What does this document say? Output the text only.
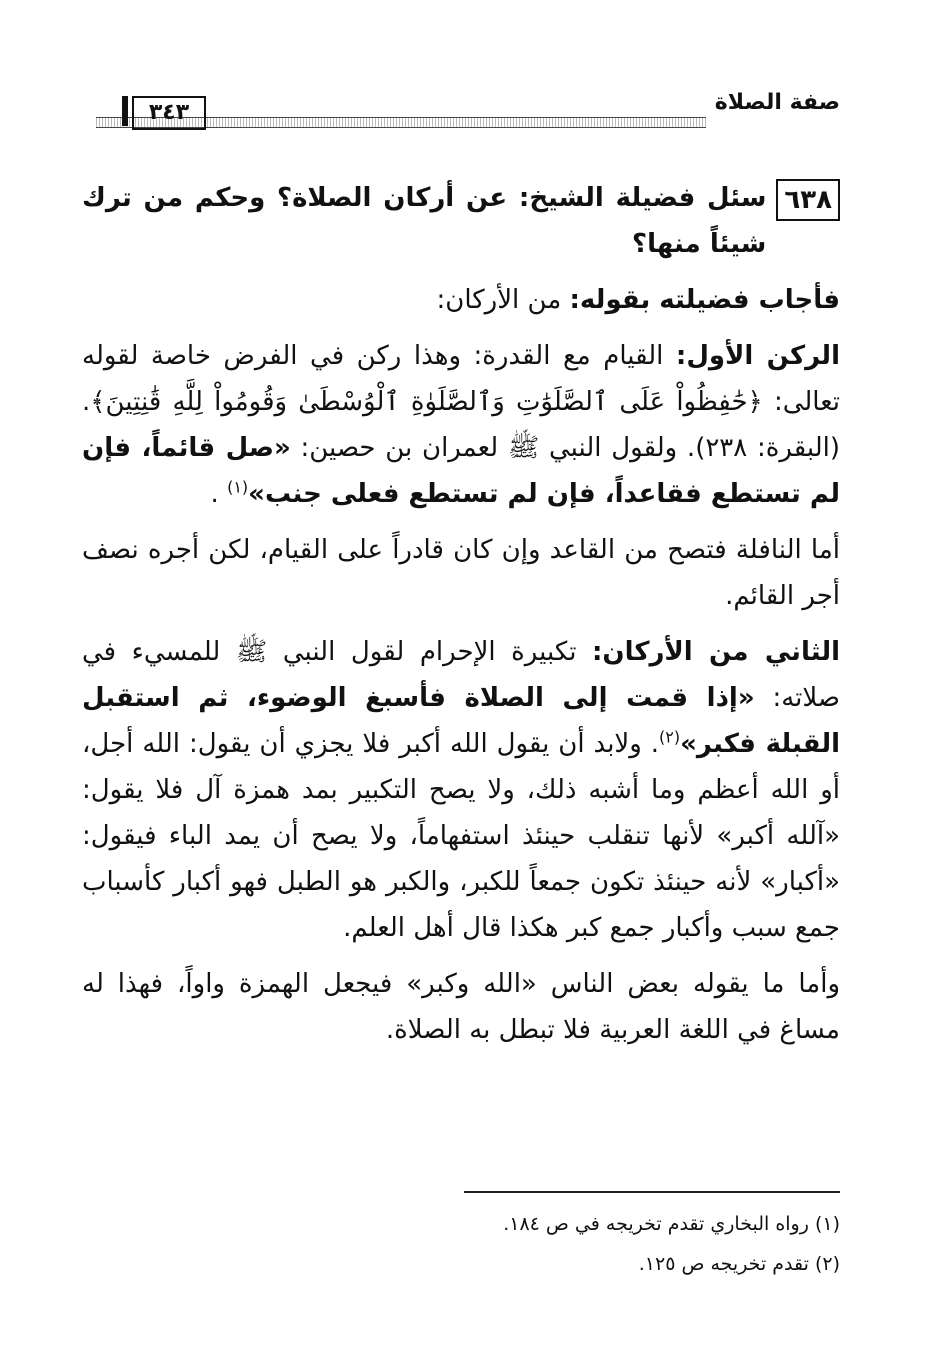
صفة الصلاة
٣٤٣
٦٣٨
سئل فضيلة الشيخ: عن أركان الصلاة؟ وحكم من ترك شيئاً منها؟

فأجاب فضيلته بقوله: من الأركان:

الركن الأول: القيام مع القدرة: وهذا ركن في الفرض خاصة لقوله تعالى: ﴿حَٰفِظُواْ عَلَى ٱلصَّلَوَٰتِ وَٱلصَّلَوٰةِ ٱلْوُسْطَىٰ وَقُومُواْ لِلَّهِ قَٰنِتِينَ﴾. (البقرة: ٢٣٨). ولقول النبي ﷺ لعمران بن حصين: «صل قائماً، فإن لم تستطع فقاعداً، فإن لم تستطع فعلى جنب»$^{(١)}$ .

أما النافلة فتصح من القاعد وإن كان قادراً على القيام، لكن أجره نصف أجر القائم.

الثاني من الأركان: تكبيرة الإحرام لقول النبي ﷺ للمسيء في صلاته: «إذا قمت إلى الصلاة فأسبغ الوضوء، ثم استقبل القبلة فكبر»$^{(٢)}$. ولابد أن يقول الله أكبر فلا يجزي أن يقول: الله أجل، أو الله أعظم وما أشبه ذلك، ولا يصح التكبير بمد همزة آل فلا يقول: «آلله أكبر» لأنها تنقلب حينئذ استفهاماً، ولا يصح أن يمد الباء فيقول: «أكبار» لأنه حينئذ تكون جمعاً للكبر، والكبر هو الطبل فهو أكبار كأسباب جمع سبب وأكبار جمع كبر هكذا قال أهل العلم.

وأما ما يقوله بعض الناس «الله وكبر» فيجعل الهمزة واواً، فهذا له مساغ في اللغة العربية فلا تبطل به الصلاة.

(١) رواه البخاري تقدم تخريجه في ص ١٨٤.
(٢) تقدم تخريجه ص ١٢٥.
